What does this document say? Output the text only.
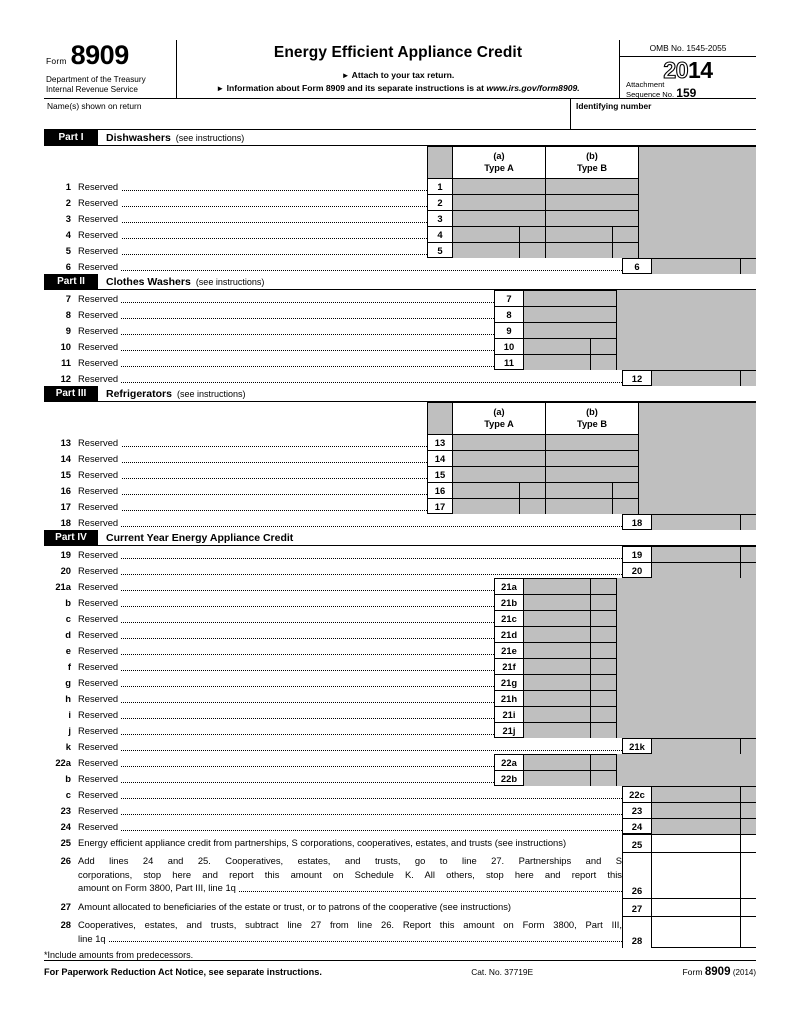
Form 8909
Department of the Treasury
Internal Revenue Service
Energy Efficient Appliance Credit
► Attach to your tax return.
► Information about Form 8909 and its separate instructions is at www.irs.gov/form8909.
OMB No. 1545-2055
2014
Attachment
Sequence No. 159
Name(s) shown on return	Identifying number
Part I	Dishwashers (see instructions)
(a)
Type A
(b)
Type B
1 Reserved	1
2 Reserved	2
3 Reserved	3
4 Reserved	4
5 Reserved	5
6 Reserved	6
Part II	Clothes Washers (see instructions)
7 Reserved	7
8 Reserved	8
9 Reserved	9
10 Reserved	10
11 Reserved	11
12 Reserved	12
Part III	Refrigerators (see instructions)
(a)
Type A
(b)
Type B
13 Reserved	13
14 Reserved	14
15 Reserved	15
16 Reserved	16
17 Reserved	17
18 Reserved	18
Part IV	Current Year Energy Appliance Credit
19 Reserved	19
20 Reserved	20
21a Reserved	21a
b Reserved	21b
c Reserved	21c
d Reserved	21d
e Reserved	21e
f Reserved	21f
g Reserved	21g
h Reserved	21h
i Reserved	21i
j Reserved	21j
k Reserved	21k
22a Reserved	22a
b Reserved	22b
c Reserved	22c
23 Reserved	23
24 Reserved	24
25 Energy efficient appliance credit from partnerships, S corporations, cooperatives, estates, and trusts (see instructions)	25
26 Add lines 24 and 25. Cooperatives, estates, and trusts, go to line 27. Partnerships and S
corporations, stop here and report this amount on Schedule K. All others, stop here and report this
amount on Form 3800, Part III, line 1q	26
27 Amount allocated to beneficiaries of the estate or trust, or to patrons of the cooperative (see instructions)	27
28 Cooperatives, estates, and trusts, subtract line 27 from line 26. Report this amount on Form 3800, Part III,
line 1q	28
*Include amounts from predecessors.
For Paperwork Reduction Act Notice, see separate instructions.	Cat. No. 37719E	Form 8909 (2014)
